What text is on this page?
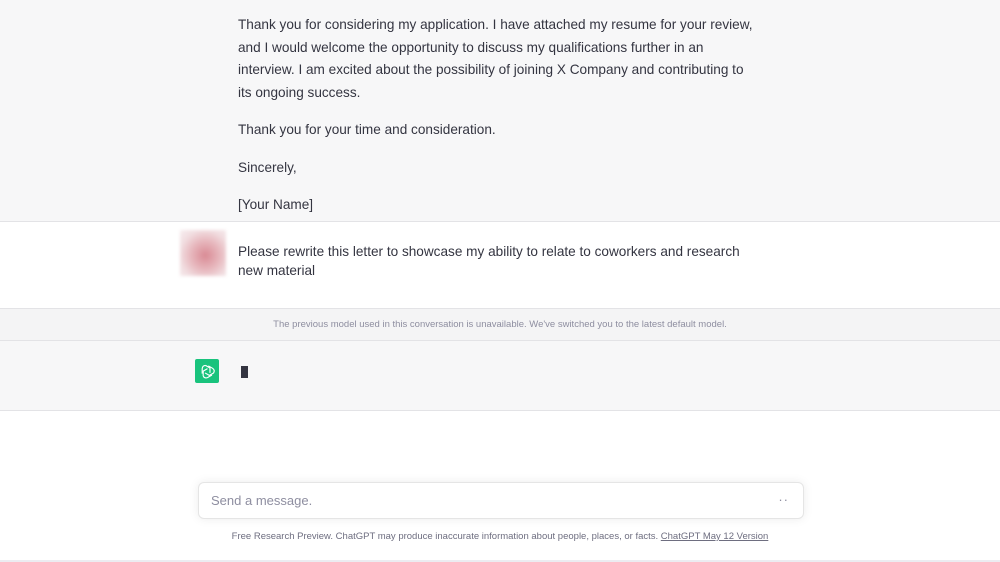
Thank you for considering my application. I have attached my resume for your review, and I would welcome the opportunity to discuss my qualifications further in an interview. I am excited about the possibility of joining X Company and contributing to its ongoing success.

Thank you for your time and consideration.

Sincerely,

[Your Name]

Please rewrite this letter to showcase my ability to relate to coworkers and research new material
The previous model used in this conversation is unavailable. We've switched you to the latest default model.
Send a message.
··
Free Research Preview. ChatGPT may produce inaccurate information about people, places, or facts. ChatGPT May 12 Version
